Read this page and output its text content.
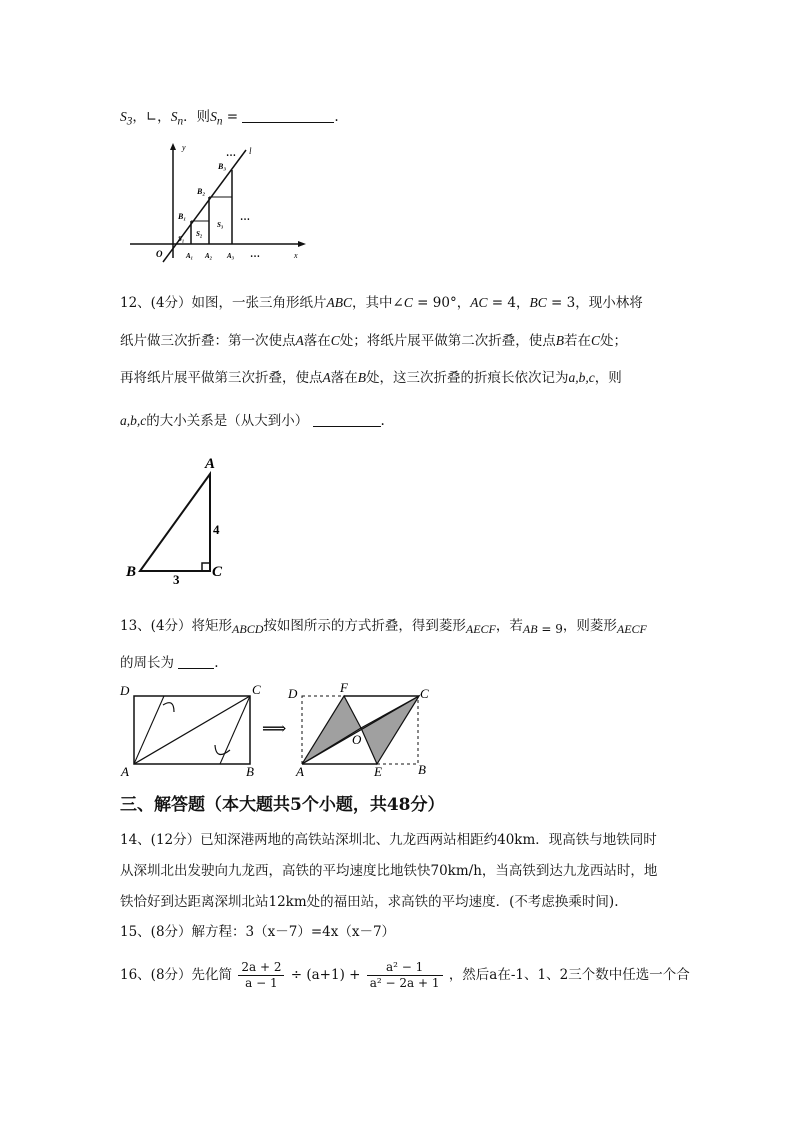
$S_3$，∟，$S_n$．则$S_n$ =	.
y
x
O
l
…
…
…
B₁
B₂
B₃
S₁
S₂
S₃
A₁ A₂ A₃
12、(4分）如图，一张三角形纸片ABC，其中∠C = 90°，AC = 4，BC = 3，现小林将
纸片做三次折叠：第一次使点A落在C处；将纸片展平做第二次折叠，使点B若在C处；
再将纸片展平做第三次折叠，使点A落在B处，这三次折叠的折痕长依次记为a,b,c，则
a,b,c的大小关系是（从大到小）	.
A
B	C
4
3
13、(4分）将矩形ABCD按如图所示的方式折叠，得到菱形AECF，若AB = 9，则菱形AECF
的周长为	.
D	C
A	B
⟹
D	F	C
O
A	E	B
三、解答题（本大题共5个小题，共48分）
14、(12分）已知深港两地的高铁站深圳北、九龙西两站相距约40km．现高铁与地铁同时
从深圳北出发驶向九龙西，高铁的平均速度比地铁快70km/h，当高铁到达九龙西站时，地
铁恰好到达距离深圳北站12km处的福田站，求高铁的平均速度．(不考虑换乘时间).
15、(8分）解方程：3（x－7）=4x（x－7）
16、(8分）先化简 $\frac{2a + 2}{a - 1} \div (a+1) + \frac{\text{a² − 1}}{\text{a² − 2a + 1}}$ ，然后a在-1、1、2三个数中任选一个合
